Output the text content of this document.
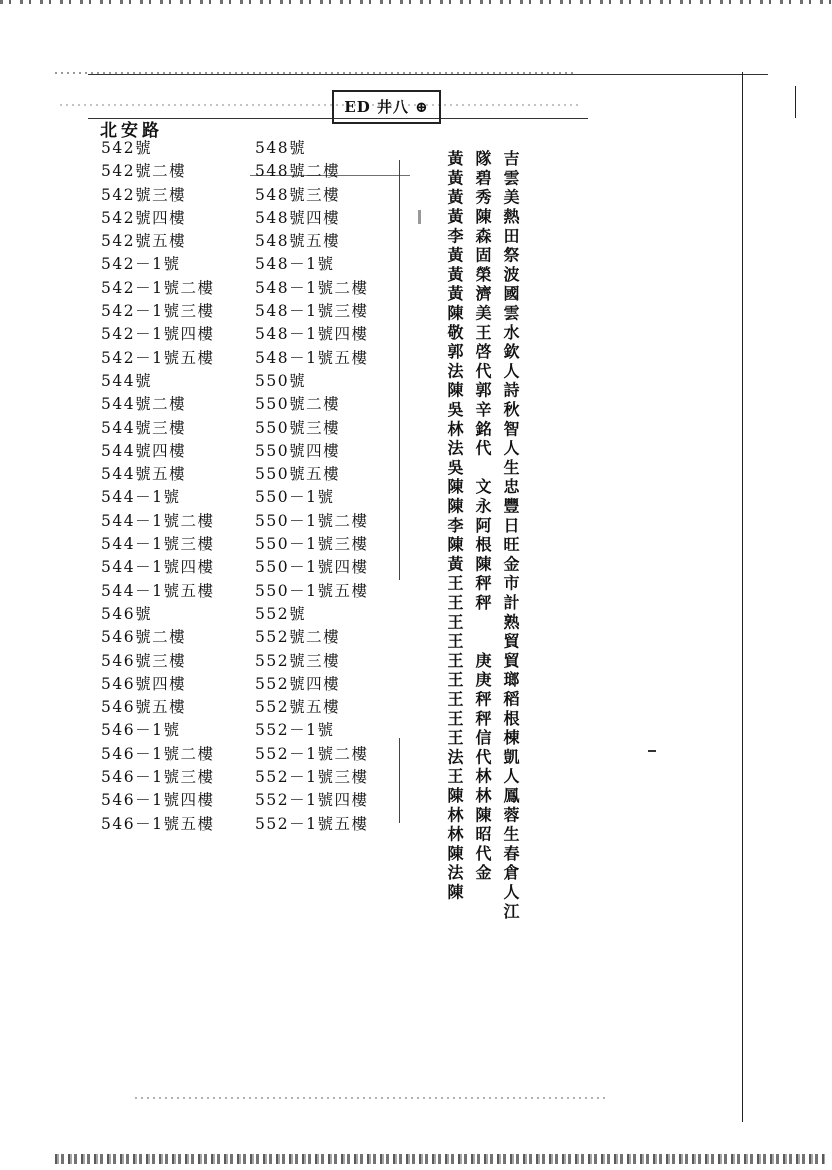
ED 井八 ⊕
北安路
542號
542號二樓
542號三樓
542號四樓
542號五樓
542－1號
542－1號二樓
542－1號三樓
542－1號四樓
542－1號五樓
544號
544號二樓
544號三樓
544號四樓
544號五樓
544－1號
544－1號二樓
544－1號三樓
544－1號四樓
544－1號五樓
546號
546號二樓
546號三樓
546號四樓
546號五樓
546－1號
546－1號二樓
546－1號三樓
546－1號四樓
546－1號五樓
548號
548號二樓
548號三樓
548號四樓
548號五樓
548－1號
548－1號二樓
548－1號三樓
548－1號四樓
548－1號五樓
550號
550號二樓
550號三樓
550號四樓
550號五樓
550－1號
550－1號二樓
550－1號三樓
550－1號四樓
550－1號五樓
552號
552號二樓
552號三樓
552號四樓
552號五樓
552－1號
552－1號二樓
552－1號三樓
552－1號四樓
552－1號五樓	黃黃黃黃李黃黃黃陳敬郭法陳吳林法吳陳陳李陳黃王王王王王王王王王法王陳林林陳法陳 隊碧秀陳森固榮濟美王啓代郭辛銘代　文永阿根陳秤秤　　庚庚秤秤信代林林陳昭代金 吉雲美熱田祭波國雲水欽人詩秋智人生忠豐日旺金市計熟貿貿瑯稻根棟凱人鳳蓉生春倉人江
